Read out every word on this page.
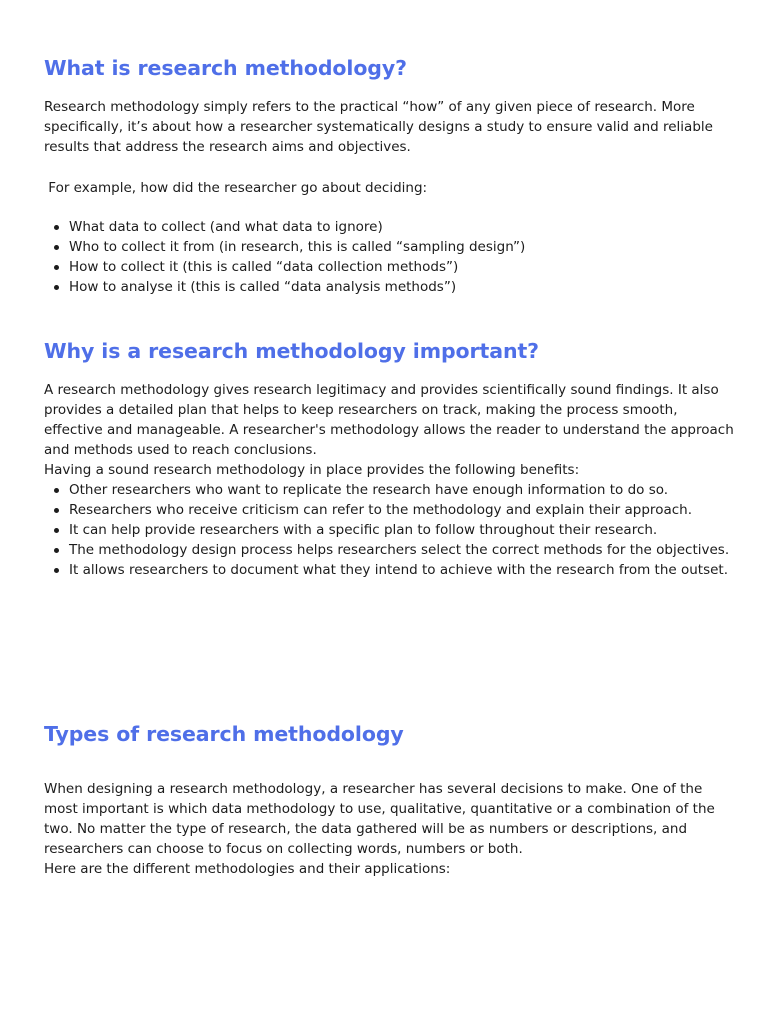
What is research methodology?

Research methodology simply refers to the practical “how” of any given piece of research. More specifically, it’s about how a researcher systematically designs a study to ensure valid and reliable results that address the research aims and objectives.

For example, how did the researcher go about deciding:

What data to collect (and what data to ignore)
Who to collect it from (in research, this is called “sampling design”)
How to collect it (this is called “data collection methods”)
How to analyse it (this is called “data analysis methods”)
Why is a research methodology important?

A research methodology gives research legitimacy and provides scientifically sound findings. It also provides a detailed plan that helps to keep researchers on track, making the process smooth, effective and manageable. A researcher's methodology allows the reader to understand the approach and methods used to reach conclusions.

Having a sound research methodology in place provides the following benefits:

Other researchers who want to replicate the research have enough information to do so.
Researchers who receive criticism can refer to the methodology and explain their approach.
It can help provide researchers with a specific plan to follow throughout their research.
The methodology design process helps researchers select the correct methods for the objectives.
It allows researchers to document what they intend to achieve with the research from the outset.
Types of research methodology

When designing a research methodology, a researcher has several decisions to make. One of the most important is which data methodology to use, qualitative, quantitative or a combination of the two. No matter the type of research, the data gathered will be as numbers or descriptions, and researchers can choose to focus on collecting words, numbers or both.

Here are the different methodologies and their applications:
